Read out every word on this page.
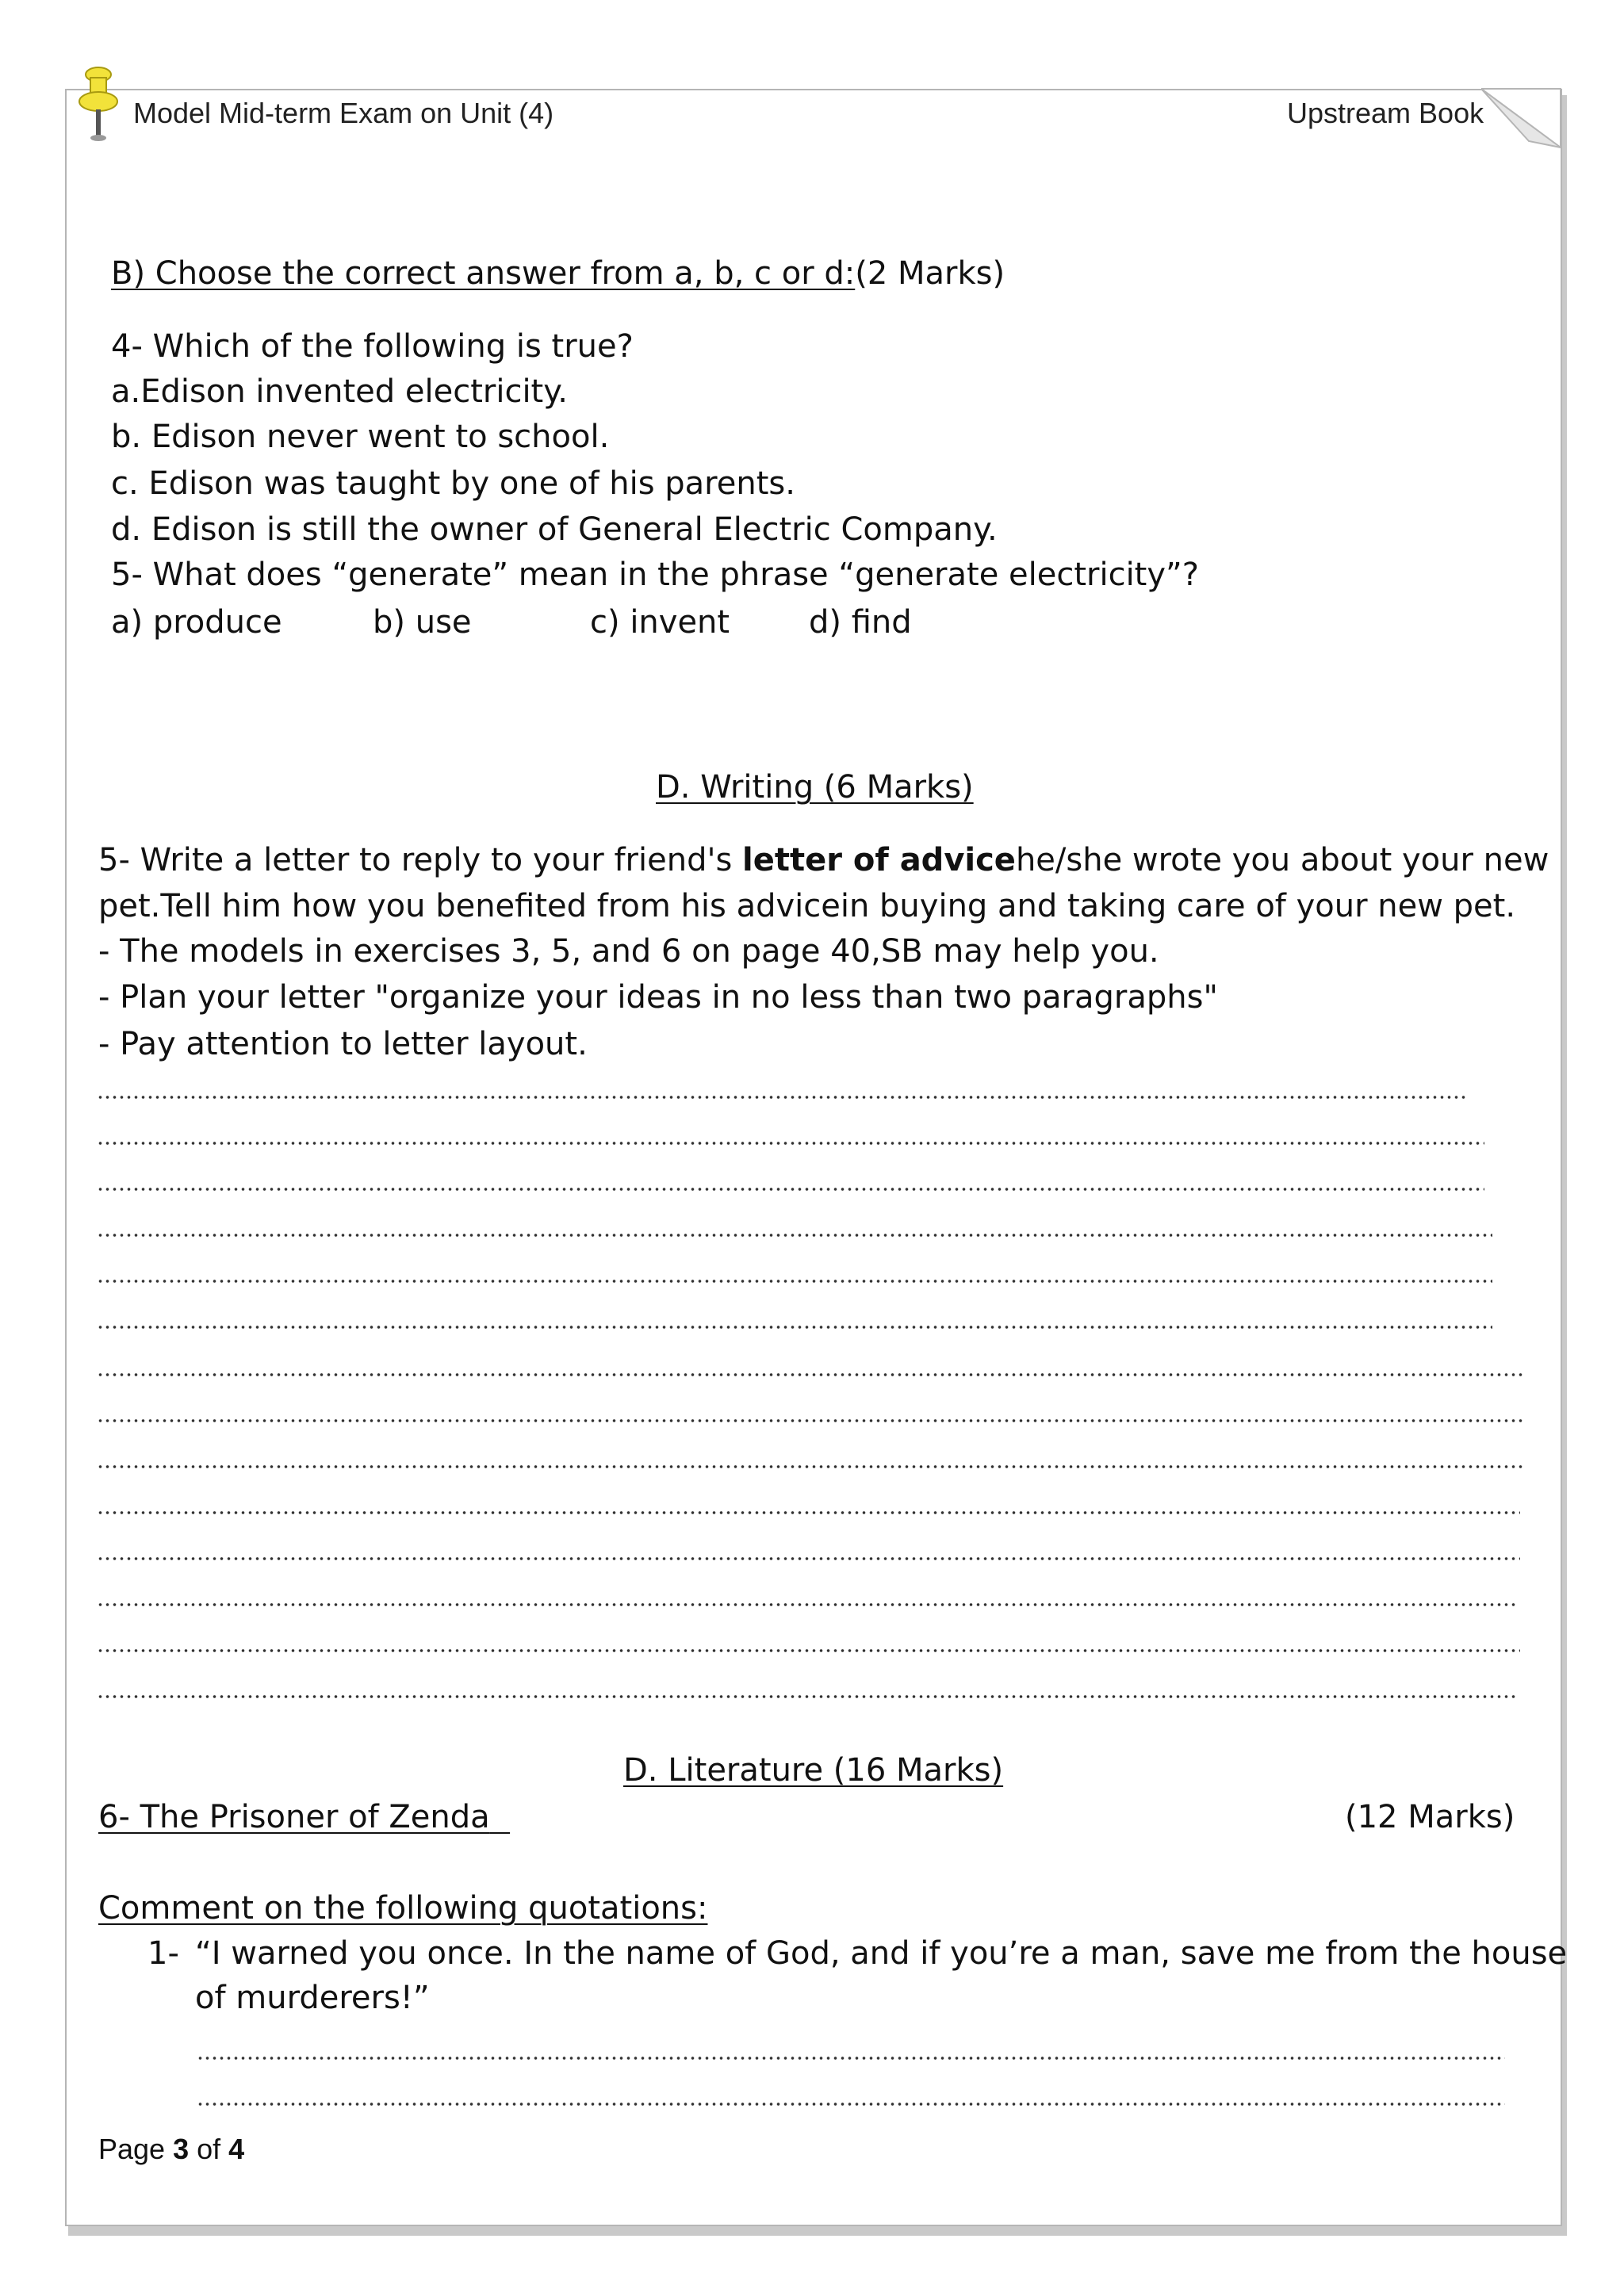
Model Mid-term Exam on Unit (4)	Upstream Book
B) Choose the correct answer from a, b, c or d:(2 Marks)
4- Which of the following is true?
a.Edison invented electricity.
b. Edison never went to school.
c. Edison was taught by one of his parents.
d. Edison is still the owner of General Electric Company.
5- What does “generate” mean in the phrase “generate electricity”?
a) produce	b) use	c) invent d) find
D. Writing (6 Marks)
5- Write a letter to reply to your friend's letter of advicehe/she wrote you about your new
pet.Tell him how you benefited from his advicein buying and taking care of your new pet.
- The models in exercises 3, 5, and 6 on page 40,SB may help you.
- Plan your letter "organize your ideas in no less than two paragraphs"
- Pay attention to letter layout.
D. Literature (16 Marks)
6- The Prisoner of Zenda	(12 Marks)
Comment on the following quotations:
1- “I warned you once. In the name of God, and if you’re a man, save me from the house
of murderers!”
Page 3 of 4
